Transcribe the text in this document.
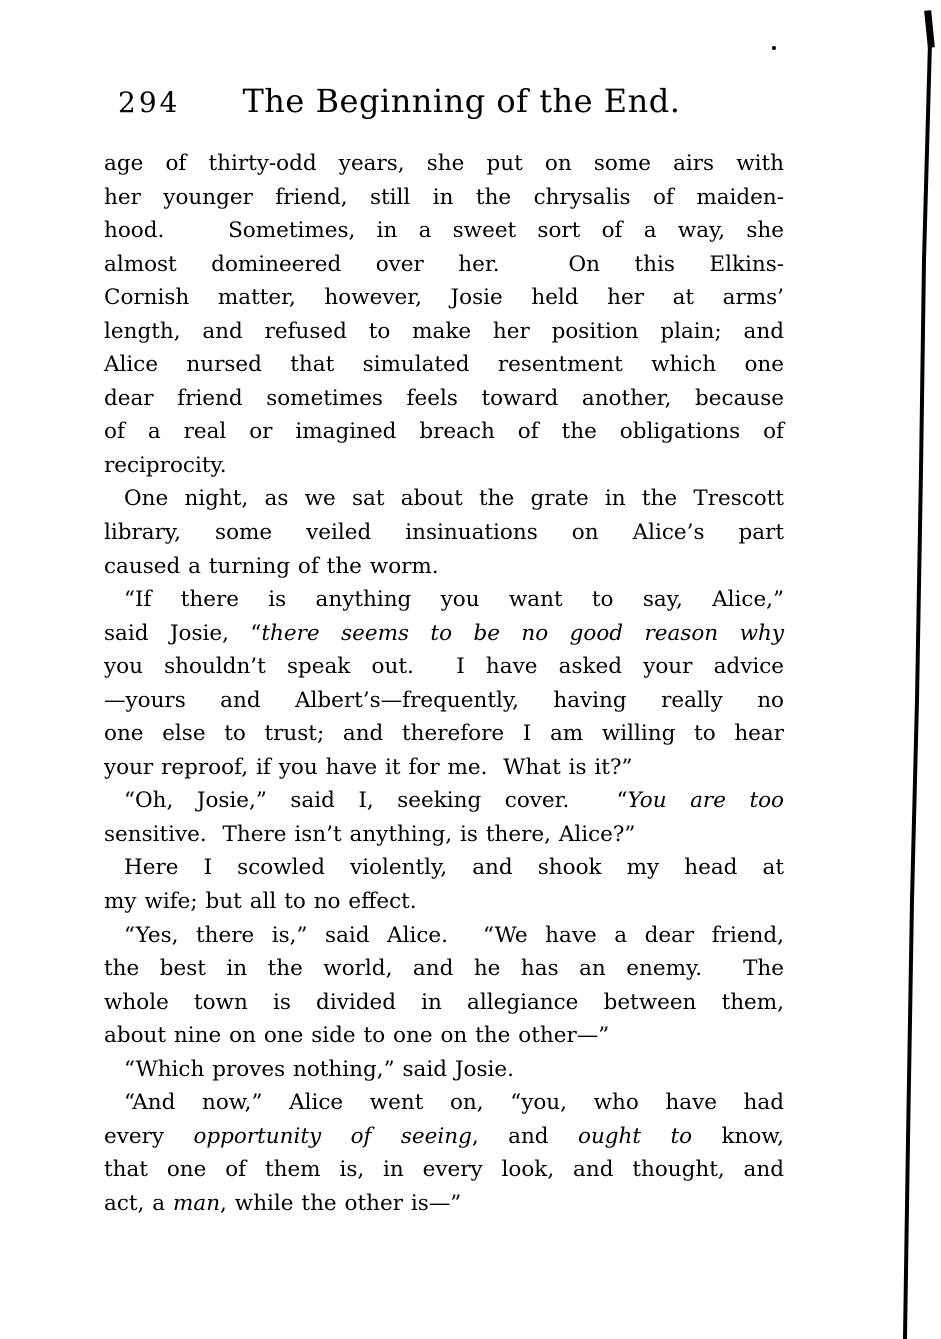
294 The Beginning of the End.
age of thirty-odd years, she put on some airs with
her younger friend, still in the chrysalis of maiden-
hood.   Sometimes, in a sweet sort of a way, she
almost domineered over her.  On this Elkins-
Cornish matter, however, Josie held her at arms’
length, and refused to make her position plain; and
Alice nursed that simulated resentment which one
dear friend sometimes feels toward another, because
of a real or imagined breach of the obligations of
reciprocity.
One night, as we sat about the grate in the Trescott
library, some veiled insinuations on Alice’s part
caused a turning of the worm.
“If there is anything you want to say, Alice,”
said Josie, “there seems to be no good reason why
you shouldn’t speak out.  I have asked your advice
—yours and Albert’s—frequently, having really no
one else to trust; and therefore I am willing to hear
your reproof, if you have it for me.  What is it?”
“Oh, Josie,” said I, seeking cover.  “You are too
sensitive.  There isn’t anything, is there, Alice?”
Here I scowled violently, and shook my head at
my wife; but all to no effect.
“Yes, there is,” said Alice.  “We have a dear friend,
the best in the world, and he has an enemy.  The
whole town is divided in allegiance between them,
about nine on one side to one on the other—”
“Which proves nothing,” said Josie.
“And now,” Alice went on, “you, who have had
every opportunity of seeing, and ought to know,
that one of them is, in every look, and thought, and
act, a man, while the other is—”
